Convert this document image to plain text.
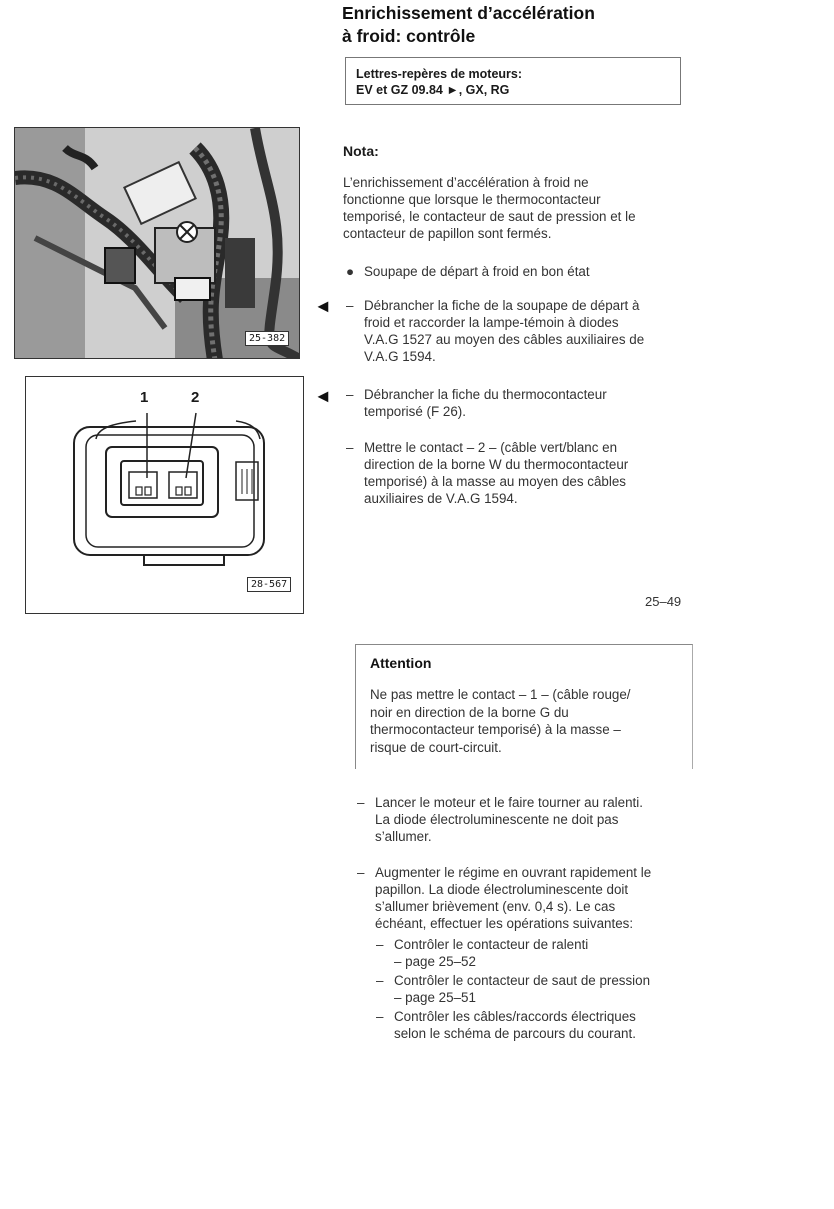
Enrichissement d’accélération
à froid: contrôle
Lettres-repères de moteurs:
EV et GZ 09.84 ►, GX, RG
25-382
1	2
28-567
Nota:
L’enrichissement d’accélération à froid ne
fonctionne que lorsque le thermocontacteur
temporisé, le contacteur de saut de pression et le
contacteur de papillon sont fermés.
● Soupape de départ à froid en bon état
◄ – Débrancher la fiche de la soupape de départ à
froid et raccorder la lampe-témoin à diodes
V.A.G 1527 au moyen des câbles auxiliaires de
V.A.G 1594.
◄ – Débrancher la fiche du thermocontacteur
temporisé (F 26).
– Mettre le contact – 2 – (câble vert/blanc en
direction de la borne W du thermocontacteur
temporisé) à la masse au moyen des câbles
auxiliaires de V.A.G 1594.
25–49
Attention
Ne pas mettre le contact – 1 – (câble rouge/
noir en direction de la borne G du
thermocontacteur temporisé) à la masse –
risque de court-circuit.
– Lancer le moteur et le faire tourner au ralenti.
La diode électroluminescente ne doit pas
s’allumer.
– Augmenter le régime en ouvrant rapidement le
papillon. La diode électroluminescente doit
s’allumer brièvement (env. 0,4 s). Le cas
échéant, effectuer les opérations suivantes:
– Contrôler le contacteur de ralenti
– page 25–52
– Contrôler le contacteur de saut de pression
– page 25–51
– Contrôler les câbles/raccords électriques
selon le schéma de parcours du courant.
